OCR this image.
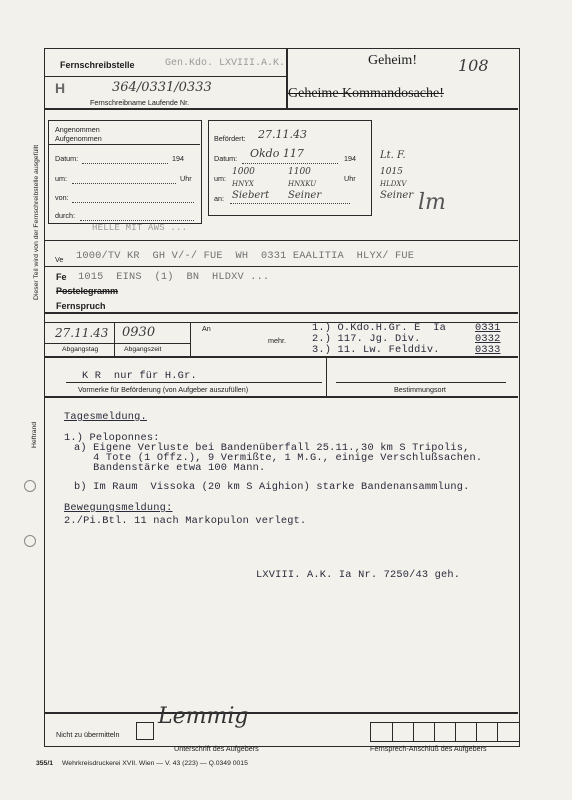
Dieser Teil wird von der Fernschreibstelle ausgefüllt
Heftrand
Fernschreibstelle	Gen.Kdo. LXVIII.A.K.	Geheim!	108
H	364/0331/0333
Fernschreibname Laufende Nr.
Geheime Kommandosache!
Angenommen
Aufgenommen
Datum:	194
um:	Uhr
von:
durch:
Befördert: 27.11.43
Datum: Okdo 117	194
um:
1000	1100
Uhr
HNYX	HNXKU
an: Siebert Seiner
Lt. F.
1015
HLDXV
Seiner lm
HELLE MIT AWS ...
Ve 1000/TV KR  GH V/-/ FUE  WH  0331 EAALITIA  HLYX/ FUE
Fe 1015  EINS  (1)  BN  HLDXV ...
Postelegramm
Fernspruch
27.11.43 0930
Abgangstag	Abgangszeit
An
mehr.
1.) O.Kdo.H.Gr. E  Ia	0331
2.) 117. Jg. Div.	0332
3.) 11. Lw. Felddiv.	0333
K R  nur für H.Gr.
Vormerke für Beförderung (von Aufgeber auszufüllen)	Bestimmungsort
Tagesmeldung.
1.) Peloponnes:
a) Eigene Verluste bei Bandenüberfall 25.11.,30 km S Tripolis,
4 Tote (1 Offz.), 9 Vermißte, 1 M.G., einige Verschlußsachen.
Bandenstärke etwa 100 Mann.
b) Im Raum  Vissoka (20 km S Aighion) starke Bandenansammlung.
Bewegungsmeldung:
2./Pi.Btl. 11 nach Markopulon verlegt.
LXVIII. A.K. Ia Nr. 7250/43 geh.
Nicht zu übermitteln
Lemmig
Unterschrift des Aufgebers	Fernsprech-Anschluß des Aufgebers
355/1 Wehrkreisdruckerei XVII. Wien — V. 43 (223) — Q.0349 0015
